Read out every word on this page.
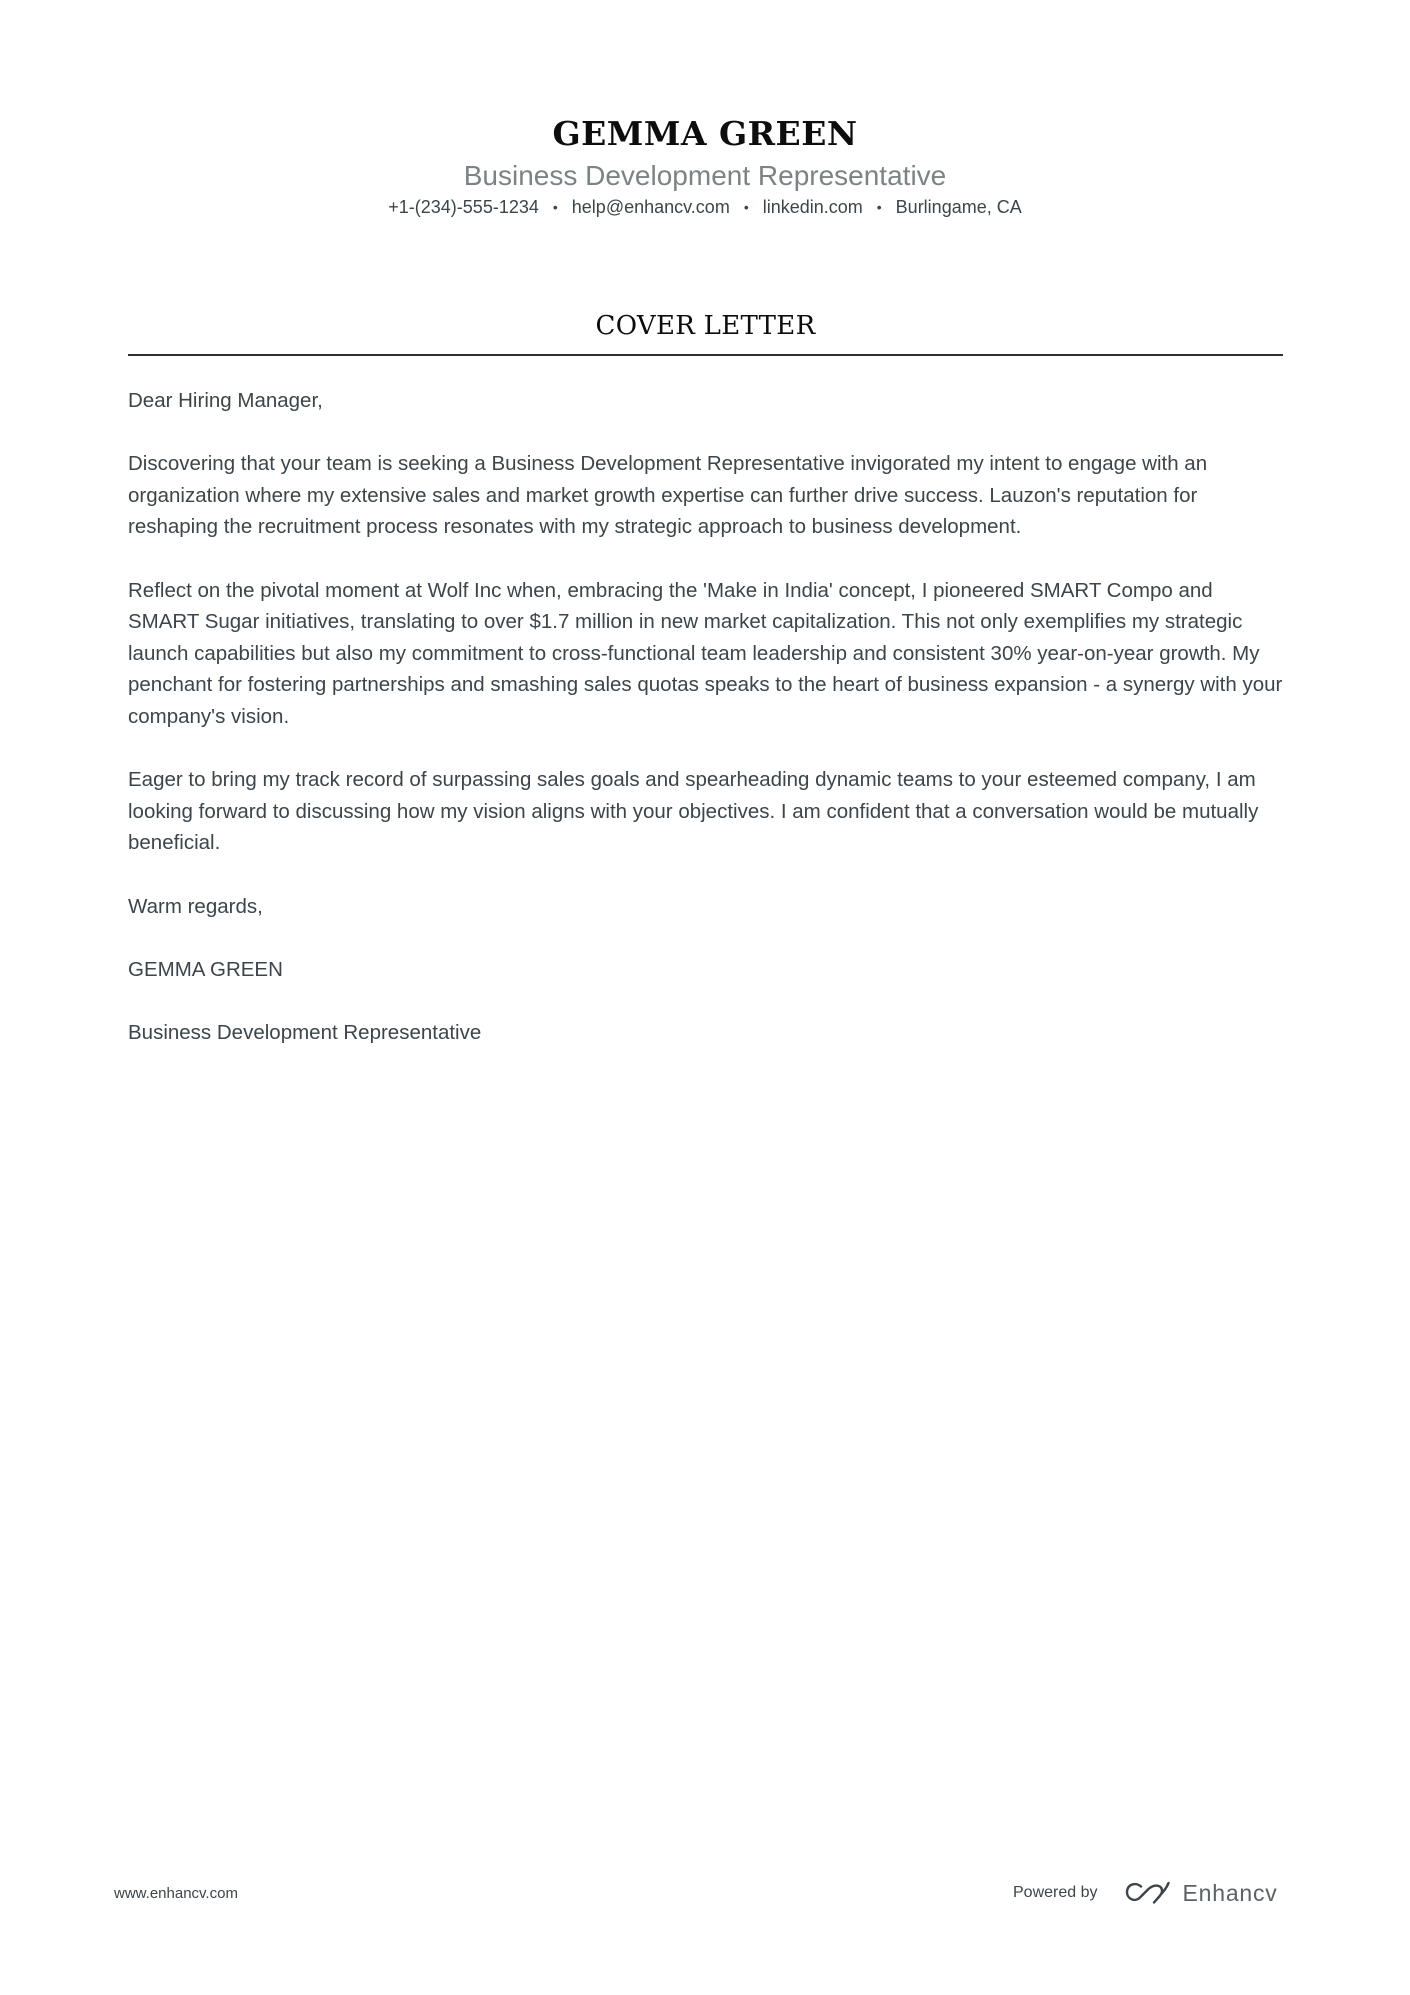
GEMMA GREEN
Business Development Representative
+1-(234)-555-1234 • help@enhancv.com • linkedin.com • Burlingame, CA
COVER LETTER

Dear Hiring Manager,

Discovering that your team is seeking a Business Development Representative invigorated my intent to engage with an organization where my extensive sales and market growth expertise can further drive success. Lauzon's reputation for reshaping the recruitment process resonates with my strategic approach to business development.

Reflect on the pivotal moment at Wolf Inc when, embracing the 'Make in India' concept, I pioneered SMART Compo and SMART Sugar initiatives, translating to over $1.7 million in new market capitalization. This not only exemplifies my strategic launch capabilities but also my commitment to cross-functional team leadership and consistent 30% year-on-year growth. My penchant for fostering partnerships and smashing sales quotas speaks to the heart of business expansion - a synergy with your company's vision.

Eager to bring my track record of surpassing sales goals and spearheading dynamic teams to your esteemed company, I am looking forward to discussing how my vision aligns with your objectives. I am confident that a conversation would be mutually beneficial.

Warm regards,

GEMMA GREEN

Business Development Representative

www.enhancv.com	Powered by	Enhancv
